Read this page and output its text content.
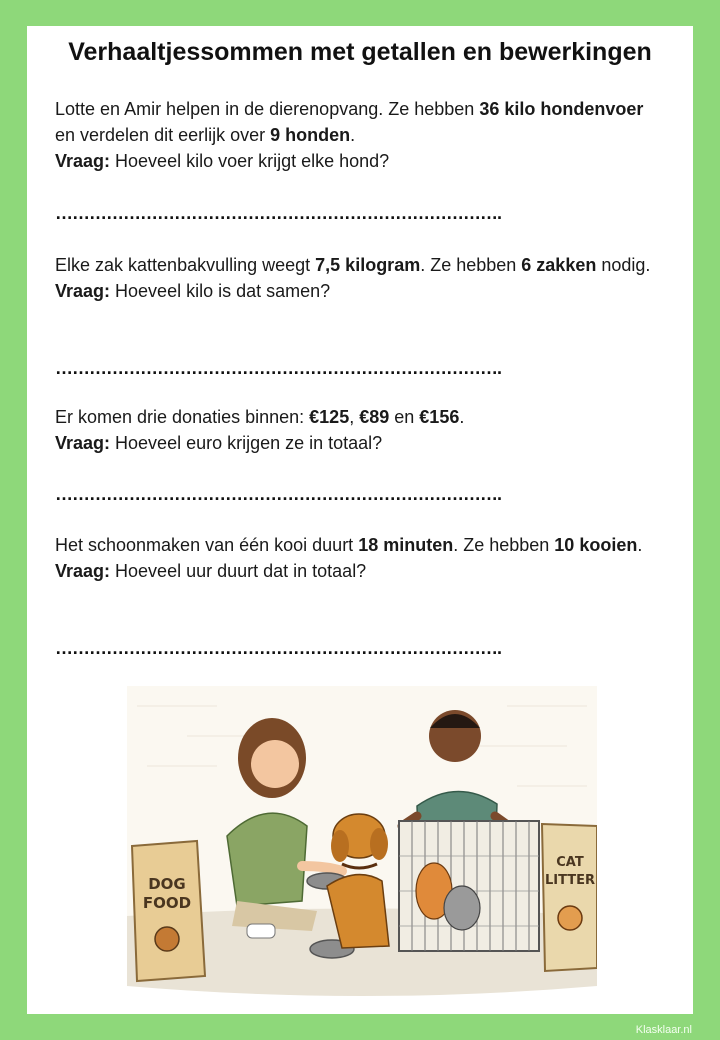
Verhaaltjessommen met getallen en bewerkingen
Lotte en Amir helpen in de dierenopvang. Ze hebben 36 kilo hondenvoer en verdelen dit eerlijk over 9 honden.
Vraag: Hoeveel kilo voer krijgt elke hond?
…………………………………………………………………….
Elke zak kattenbakvulling weegt 7,5 kilogram. Ze hebben 6 zakken nodig.
Vraag: Hoeveel kilo is dat samen?
…………………………………………………………………….
Er komen drie donaties binnen: €125, €89 en €156.
Vraag: Hoeveel euro krijgen ze in totaal?
…………………………………………………………………….
Het schoonmaken van één kooi duurt 18 minuten. Ze hebben 10 kooien.
Vraag: Hoeveel uur duurt dat in totaal?
…………………………………………………………………….
DOG
FOOD
CAT
LITTER
Klasklaar.nl
